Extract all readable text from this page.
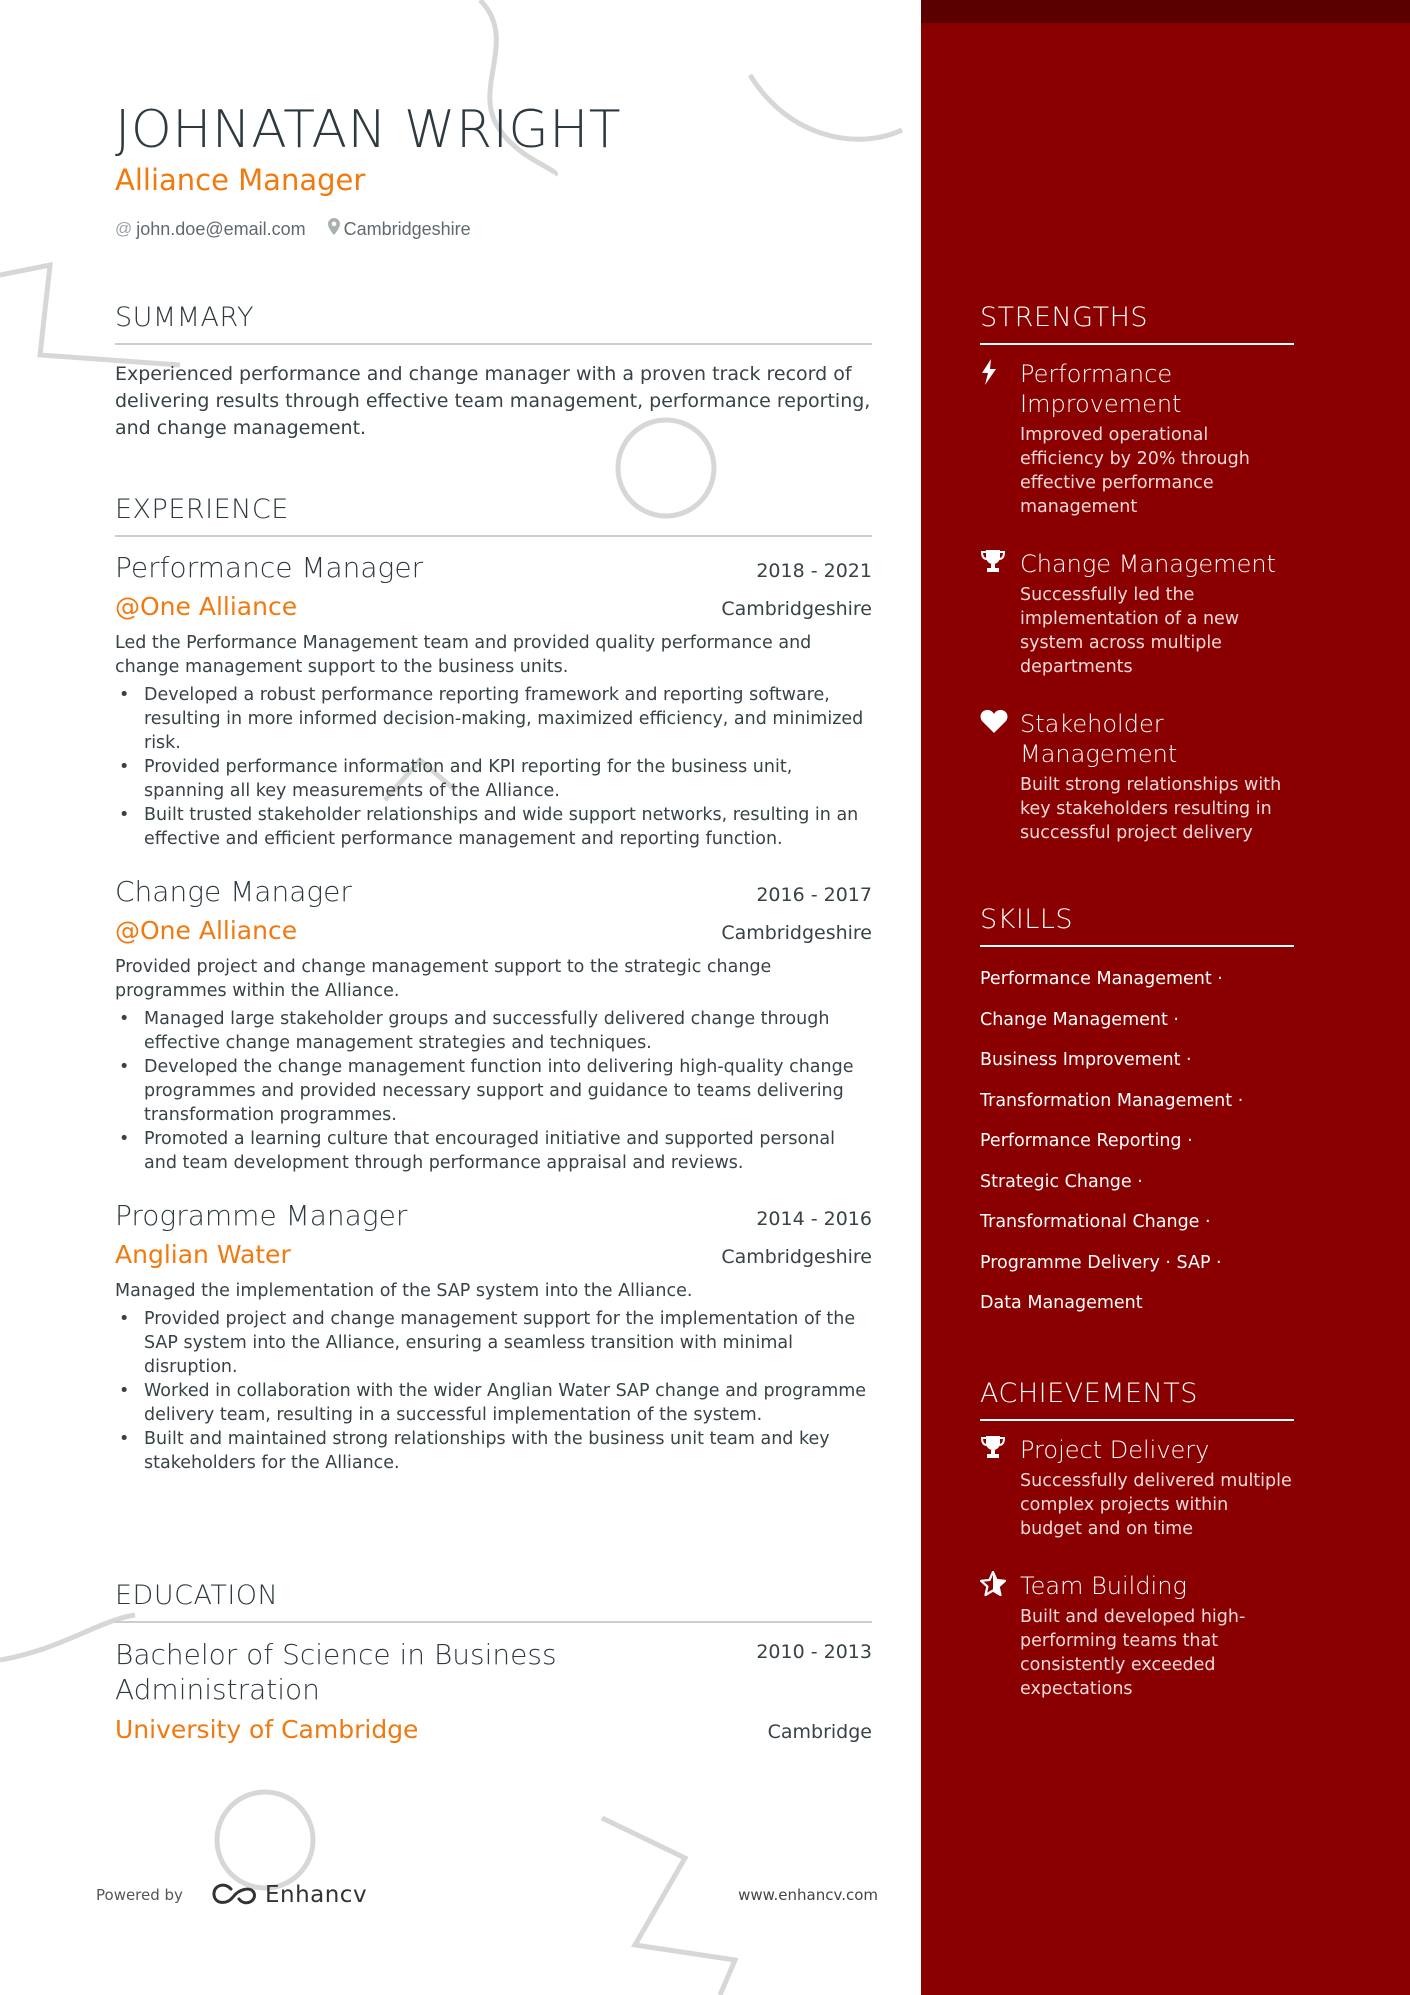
JOHNATAN WRIGHT
Alliance Manager
@ john.doe@email.com Cambridgeshire
SUMMARY

Experienced performance and change manager with a proven track record of delivering results through effective team management, performance reporting, and change management.

EXPERIENCE
Performance Manager	2018 - 2021
@One Alliance	Cambridgeshire
Led the Performance Management team and provided quality performance and change management support to the business units.
• Developed a robust performance reporting framework and reporting software, resulting in more informed decision-making, maximized efficiency, and minimized risk.
• Provided performance information and KPI reporting for the business unit, spanning all key measurements of the Alliance.
• Built trusted stakeholder relationships and wide support networks, resulting in an effective and efficient performance management and reporting function.
Change Manager	2016 - 2017
@One Alliance	Cambridgeshire
Provided project and change management support to the strategic change programmes within the Alliance.
• Managed large stakeholder groups and successfully delivered change through effective change management strategies and techniques.
• Developed the change management function into delivering high-quality change programmes and provided necessary support and guidance to teams delivering transformation programmes.
• Promoted a learning culture that encouraged initiative and supported personal and team development through performance appraisal and reviews.
Programme Manager	2014 - 2016
Anglian Water	Cambridgeshire
Managed the implementation of the SAP system into the Alliance.
• Provided project and change management support for the implementation of the SAP system into the Alliance, ensuring a seamless transition with minimal disruption.
• Worked in collaboration with the wider Anglian Water SAP change and programme delivery team, resulting in a successful implementation of the system.
• Built and maintained strong relationships with the business unit team and key stakeholders for the Alliance.
EDUCATION
Bachelor of Science in Business Administration
2010 - 2013
University of Cambridge	Cambridge
Powered by	Enhancv	www.enhancv.com
STRENGTHS
Performance Improvement
Improved operational efficiency by 20% through effective performance management
Change Management
Successfully led the implementation of a new system across multiple departments
Stakeholder Management
Built strong relationships with key stakeholders resulting in successful project delivery
SKILLS
Performance Management ·
Change Management ·
Business Improvement ·
Transformation Management ·
Performance Reporting ·
Strategic Change ·
Transformational Change ·
Programme Delivery · SAP ·
Data Management
ACHIEVEMENTS
Project Delivery
Successfully delivered multiple complex projects within budget and on time
Team Building
Built and developed high-performing teams that consistently exceeded expectations
